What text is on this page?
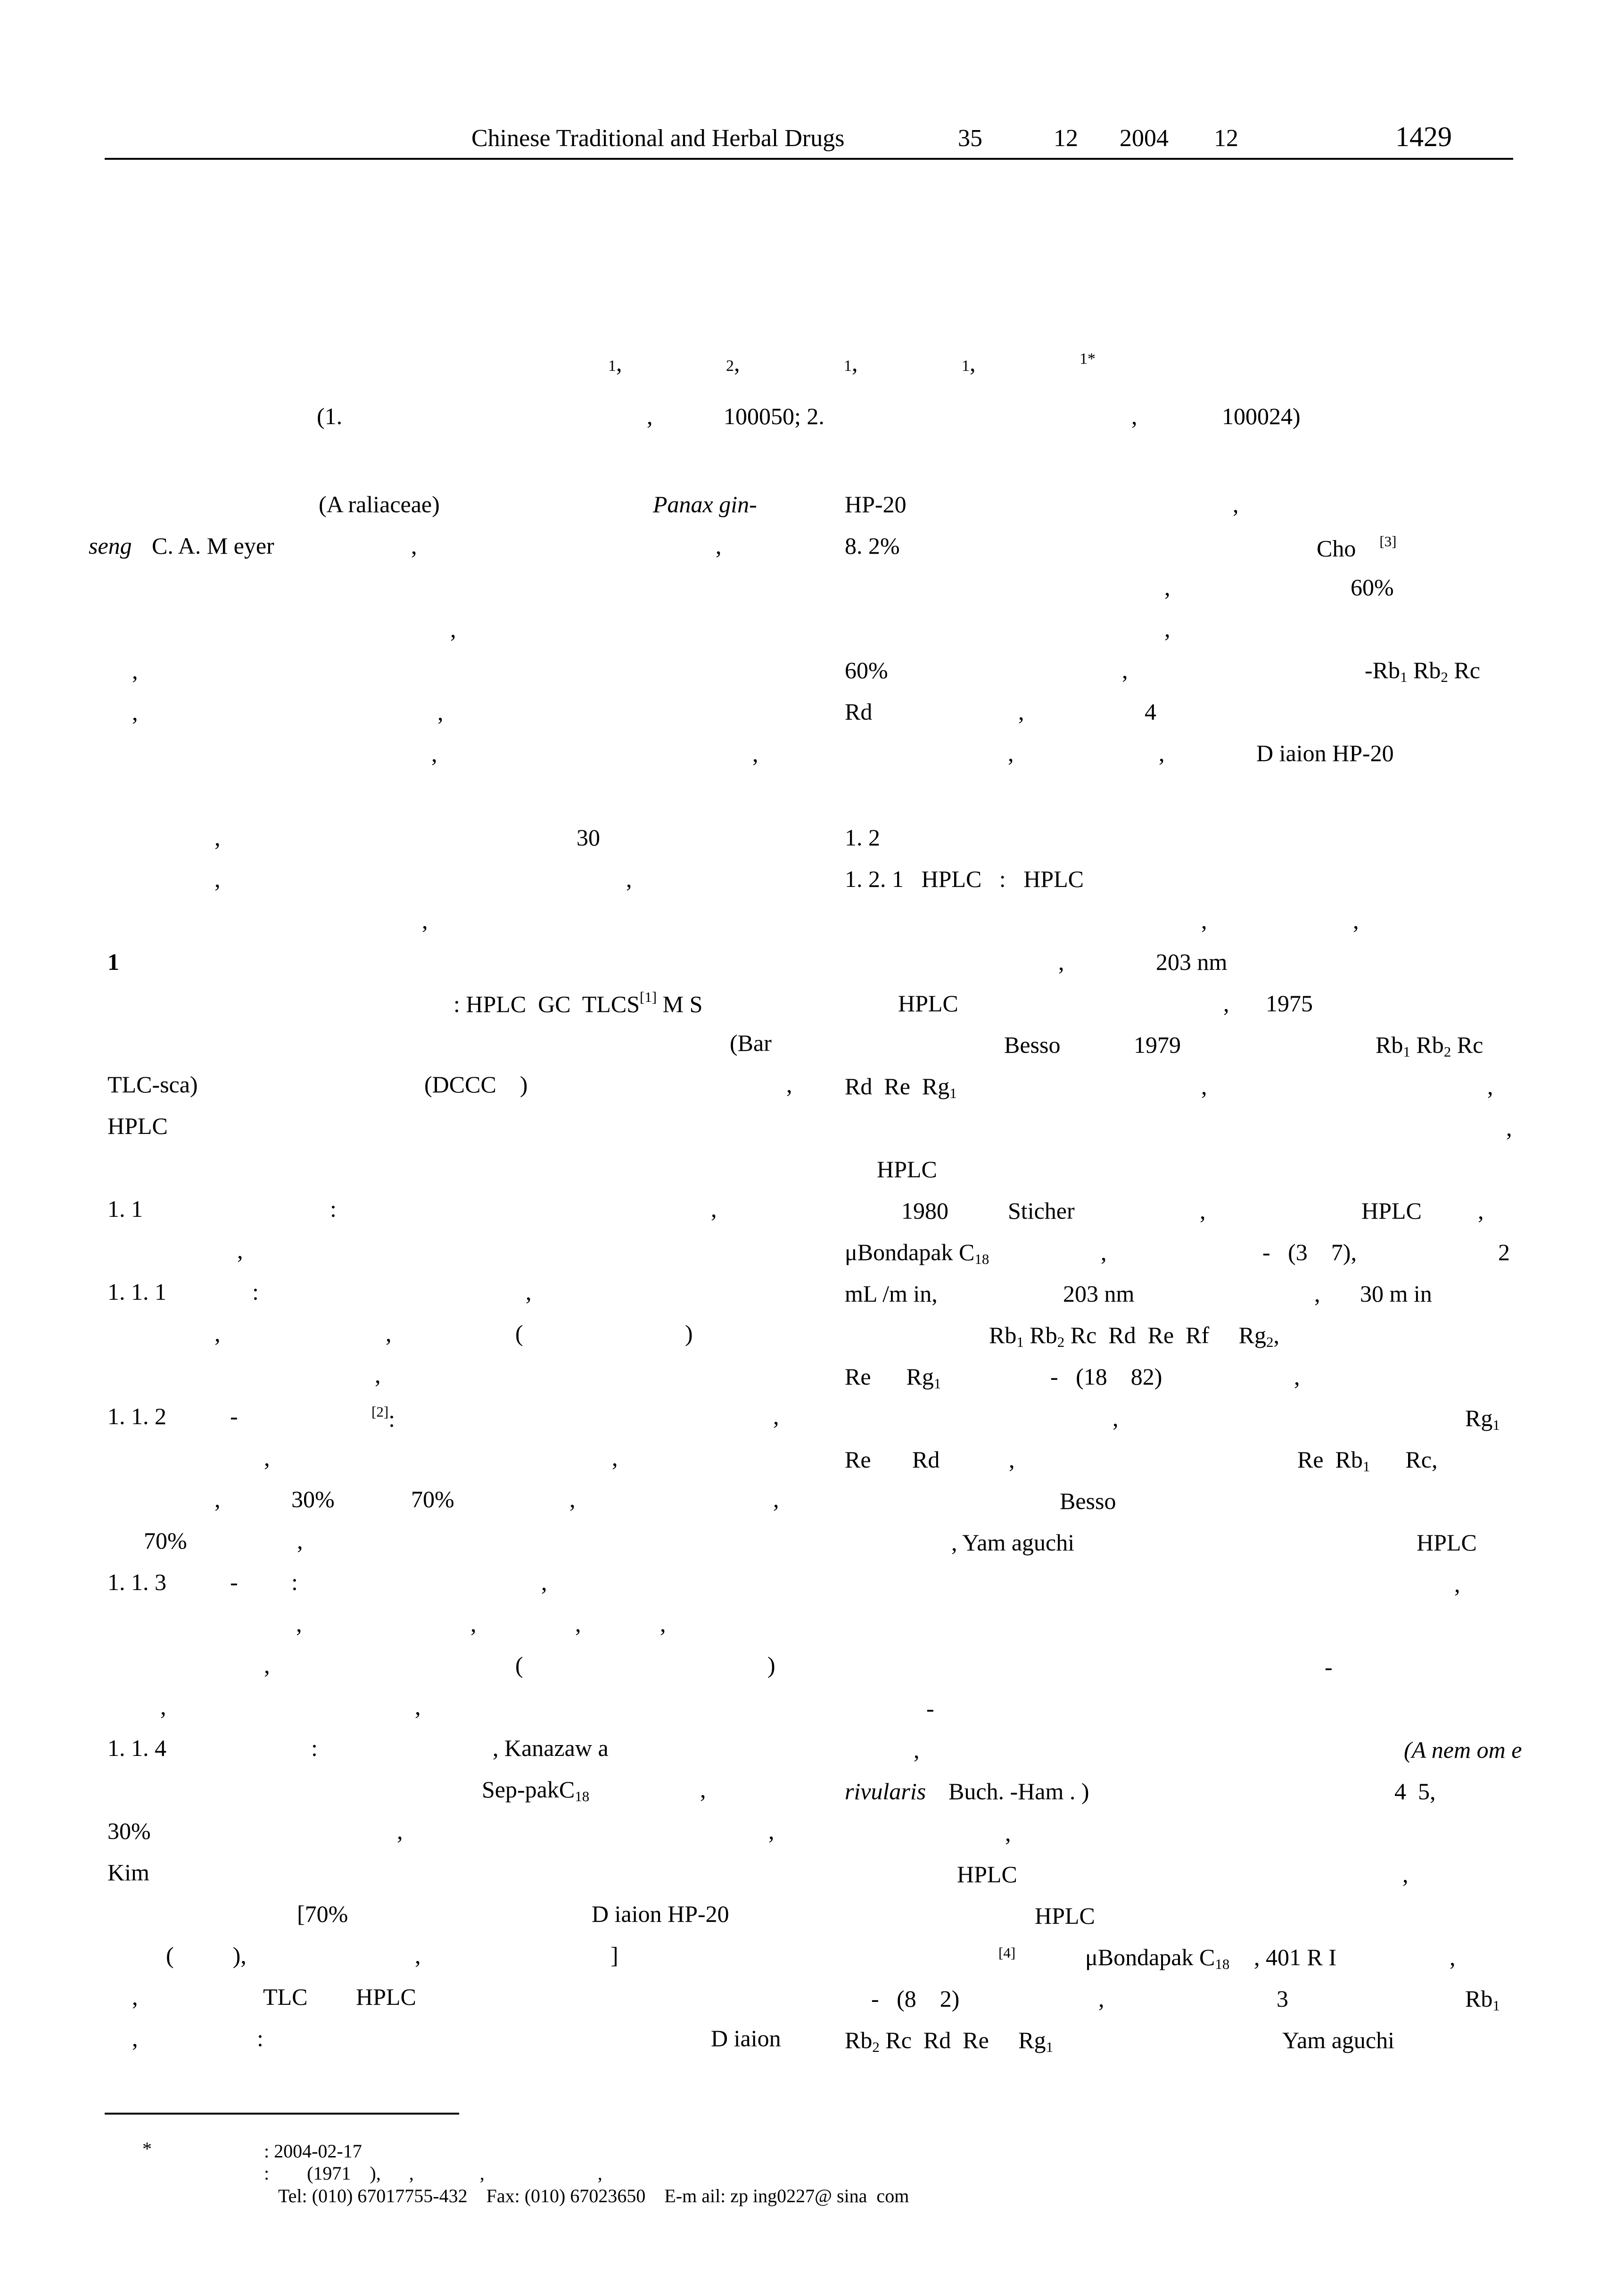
Chinese Traditional and Herbal Drugs	35	12 2004 12	1429
1,	2,	1,	1,	1*
(1.	,	100050; 2.	,	100024)
(A raliaceae)	Panax gin-
seng C. A. M eyer	,	,
,
,
,	,
,	,
,	30
,	,
,
1
: HPLC  GC  TLCS[1] M S
(Bar
TLC-sca)	(DCCC    )	,
HPLC
1. 1	:	,
,
1. 1. 1	:	,
,	,	(	)
,
1. 1. 2	-	[2]:	,
,	,
,	30%	70%	,	,
70%	,
1. 1. 3	- :	,
,	,	,	,
,	(	)
,	,
1. 1. 4	:	, Kanazaw a
Sep-pakC$_{18}$	,
30%	,	,
Kim
[70%	D iaion HP-20
(          ),	,	]
,	TLC HPLC
,	:	D iaion
HP-20	,
8. 2%	Cho [3]
,	60%
,
60%	,	$-Rb_1$ $Rb_2$ Rc
Rd	,	4
,	,	D iaion HP-20
1. 2
1. 2. 1   HPLC   :   HPLC
,	,
,	203 nm
HPLC	, 1975
Besso	1979	$Rb_1$ $Rb_2$ Rc
Rd  Re  $Rg_1$	,	,
,
HPLC
1980	Sticher	,	HPLC ,
μBondapak $C_{18}$	,	-   (3    7),	2
mL /m in,	203 nm	, 30 m in
$Rb_1$ $Rb_2$ Rc  Rd  Re  Rf     $Rg_2$,
Re      $Rg_1$	-   (18    82)	,
,	$Rg_1$
Re       Rd	,	Re  $Rb_1$      Rc,
Besso
, Yam aguchi	HPLC
,
-
-
,	(A nem om e
rivularis Buch. -Ham . )	4  5,
,
HPLC	,
HPLC
[4]	μBondapak $C_{18}$ , 401 R I	,
-   (8    2)	,	3	$Rb_1$
$Rb_2$ Rc  Rd  Re     $Rg_1$	Yam aguchi
*	: 2004-02-17
:        (1971    ),      ,              ,                        ,
Tel: (010) 67017755-432    Fax: (010) 67023650    E-m ail: zp ing0227@ sina  com
